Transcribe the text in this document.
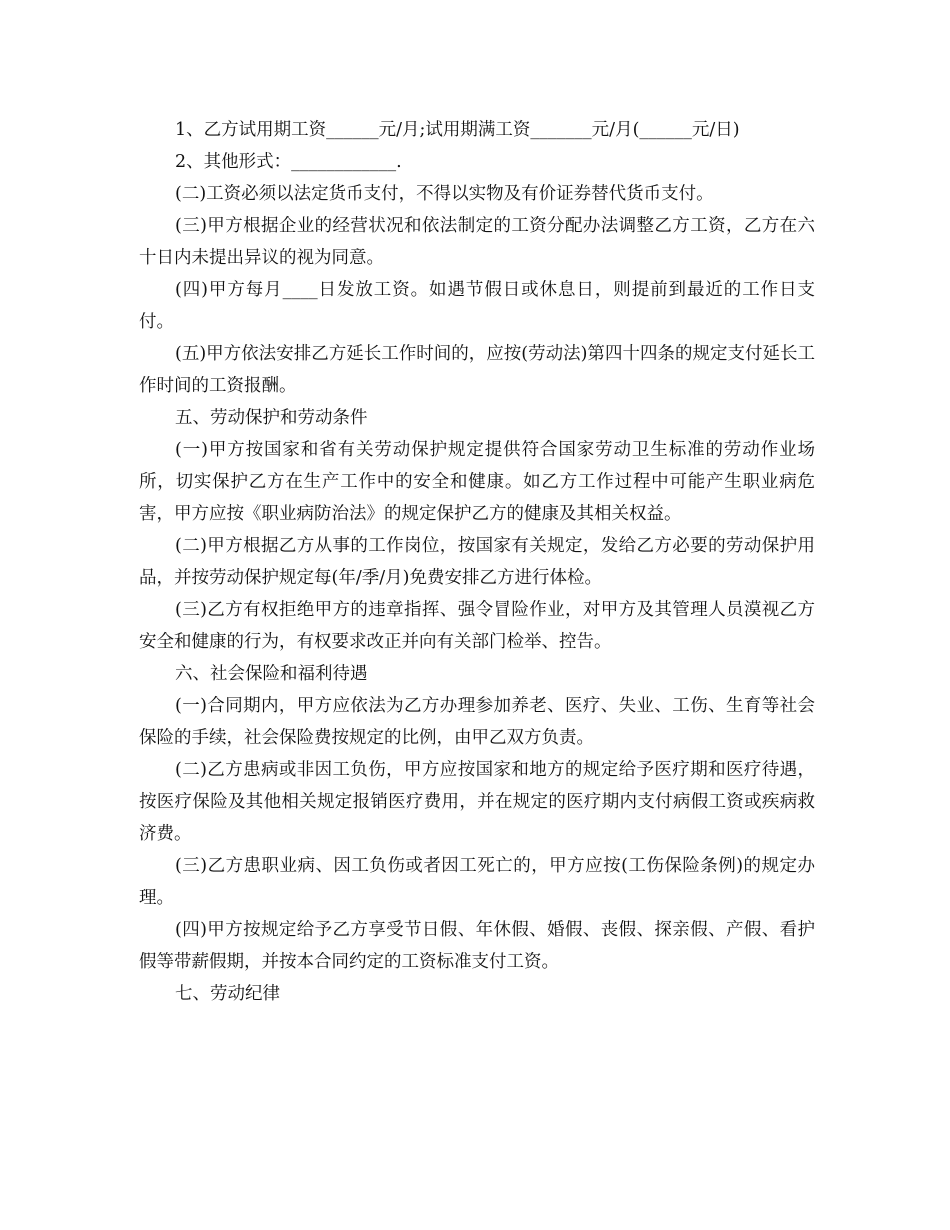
1、乙方试用期工资______元/月;试用期满工资_______元/月(______元/日)

2、其他形式：____________.

(二)工资必须以法定货币支付，不得以实物及有价证券替代货币支付。

(三)甲方根据企业的经营状况和依法制定的工资分配办法调整乙方工资，乙方在六十日内未提出异议的视为同意。

(四)甲方每月____日发放工资。如遇节假日或休息日，则提前到最近的工作日支付。

(五)甲方依法安排乙方延长工作时间的，应按(劳动法)第四十四条的规定支付延长工作时间的工资报酬。

五、劳动保护和劳动条件

(一)甲方按国家和省有关劳动保护规定提供符合国家劳动卫生标准的劳动作业场所，切实保护乙方在生产工作中的安全和健康。如乙方工作过程中可能产生职业病危害，甲方应按《职业病防治法》的规定保护乙方的健康及其相关权益。

(二)甲方根据乙方从事的工作岗位，按国家有关规定，发给乙方必要的劳动保护用品，并按劳动保护规定每(年/季/月)免费安排乙方进行体检。

(三)乙方有权拒绝甲方的违章指挥、强令冒险作业，对甲方及其管理人员漠视乙方安全和健康的行为，有权要求改正并向有关部门检举、控告。

六、社会保险和福利待遇

(一)合同期内，甲方应依法为乙方办理参加养老、医疗、失业、工伤、生育等社会保险的手续，社会保险费按规定的比例，由甲乙双方负责。

(二)乙方患病或非因工负伤，甲方应按国家和地方的规定给予医疗期和医疗待遇，按医疗保险及其他相关规定报销医疗费用，并在规定的医疗期内支付病假工资或疾病救济费。

(三)乙方患职业病、因工负伤或者因工死亡的，甲方应按(工伤保险条例)的规定办理。

(四)甲方按规定给予乙方享受节日假、年休假、婚假、丧假、探亲假、产假、看护假等带薪假期，并按本合同约定的工资标准支付工资。

七、劳动纪律
